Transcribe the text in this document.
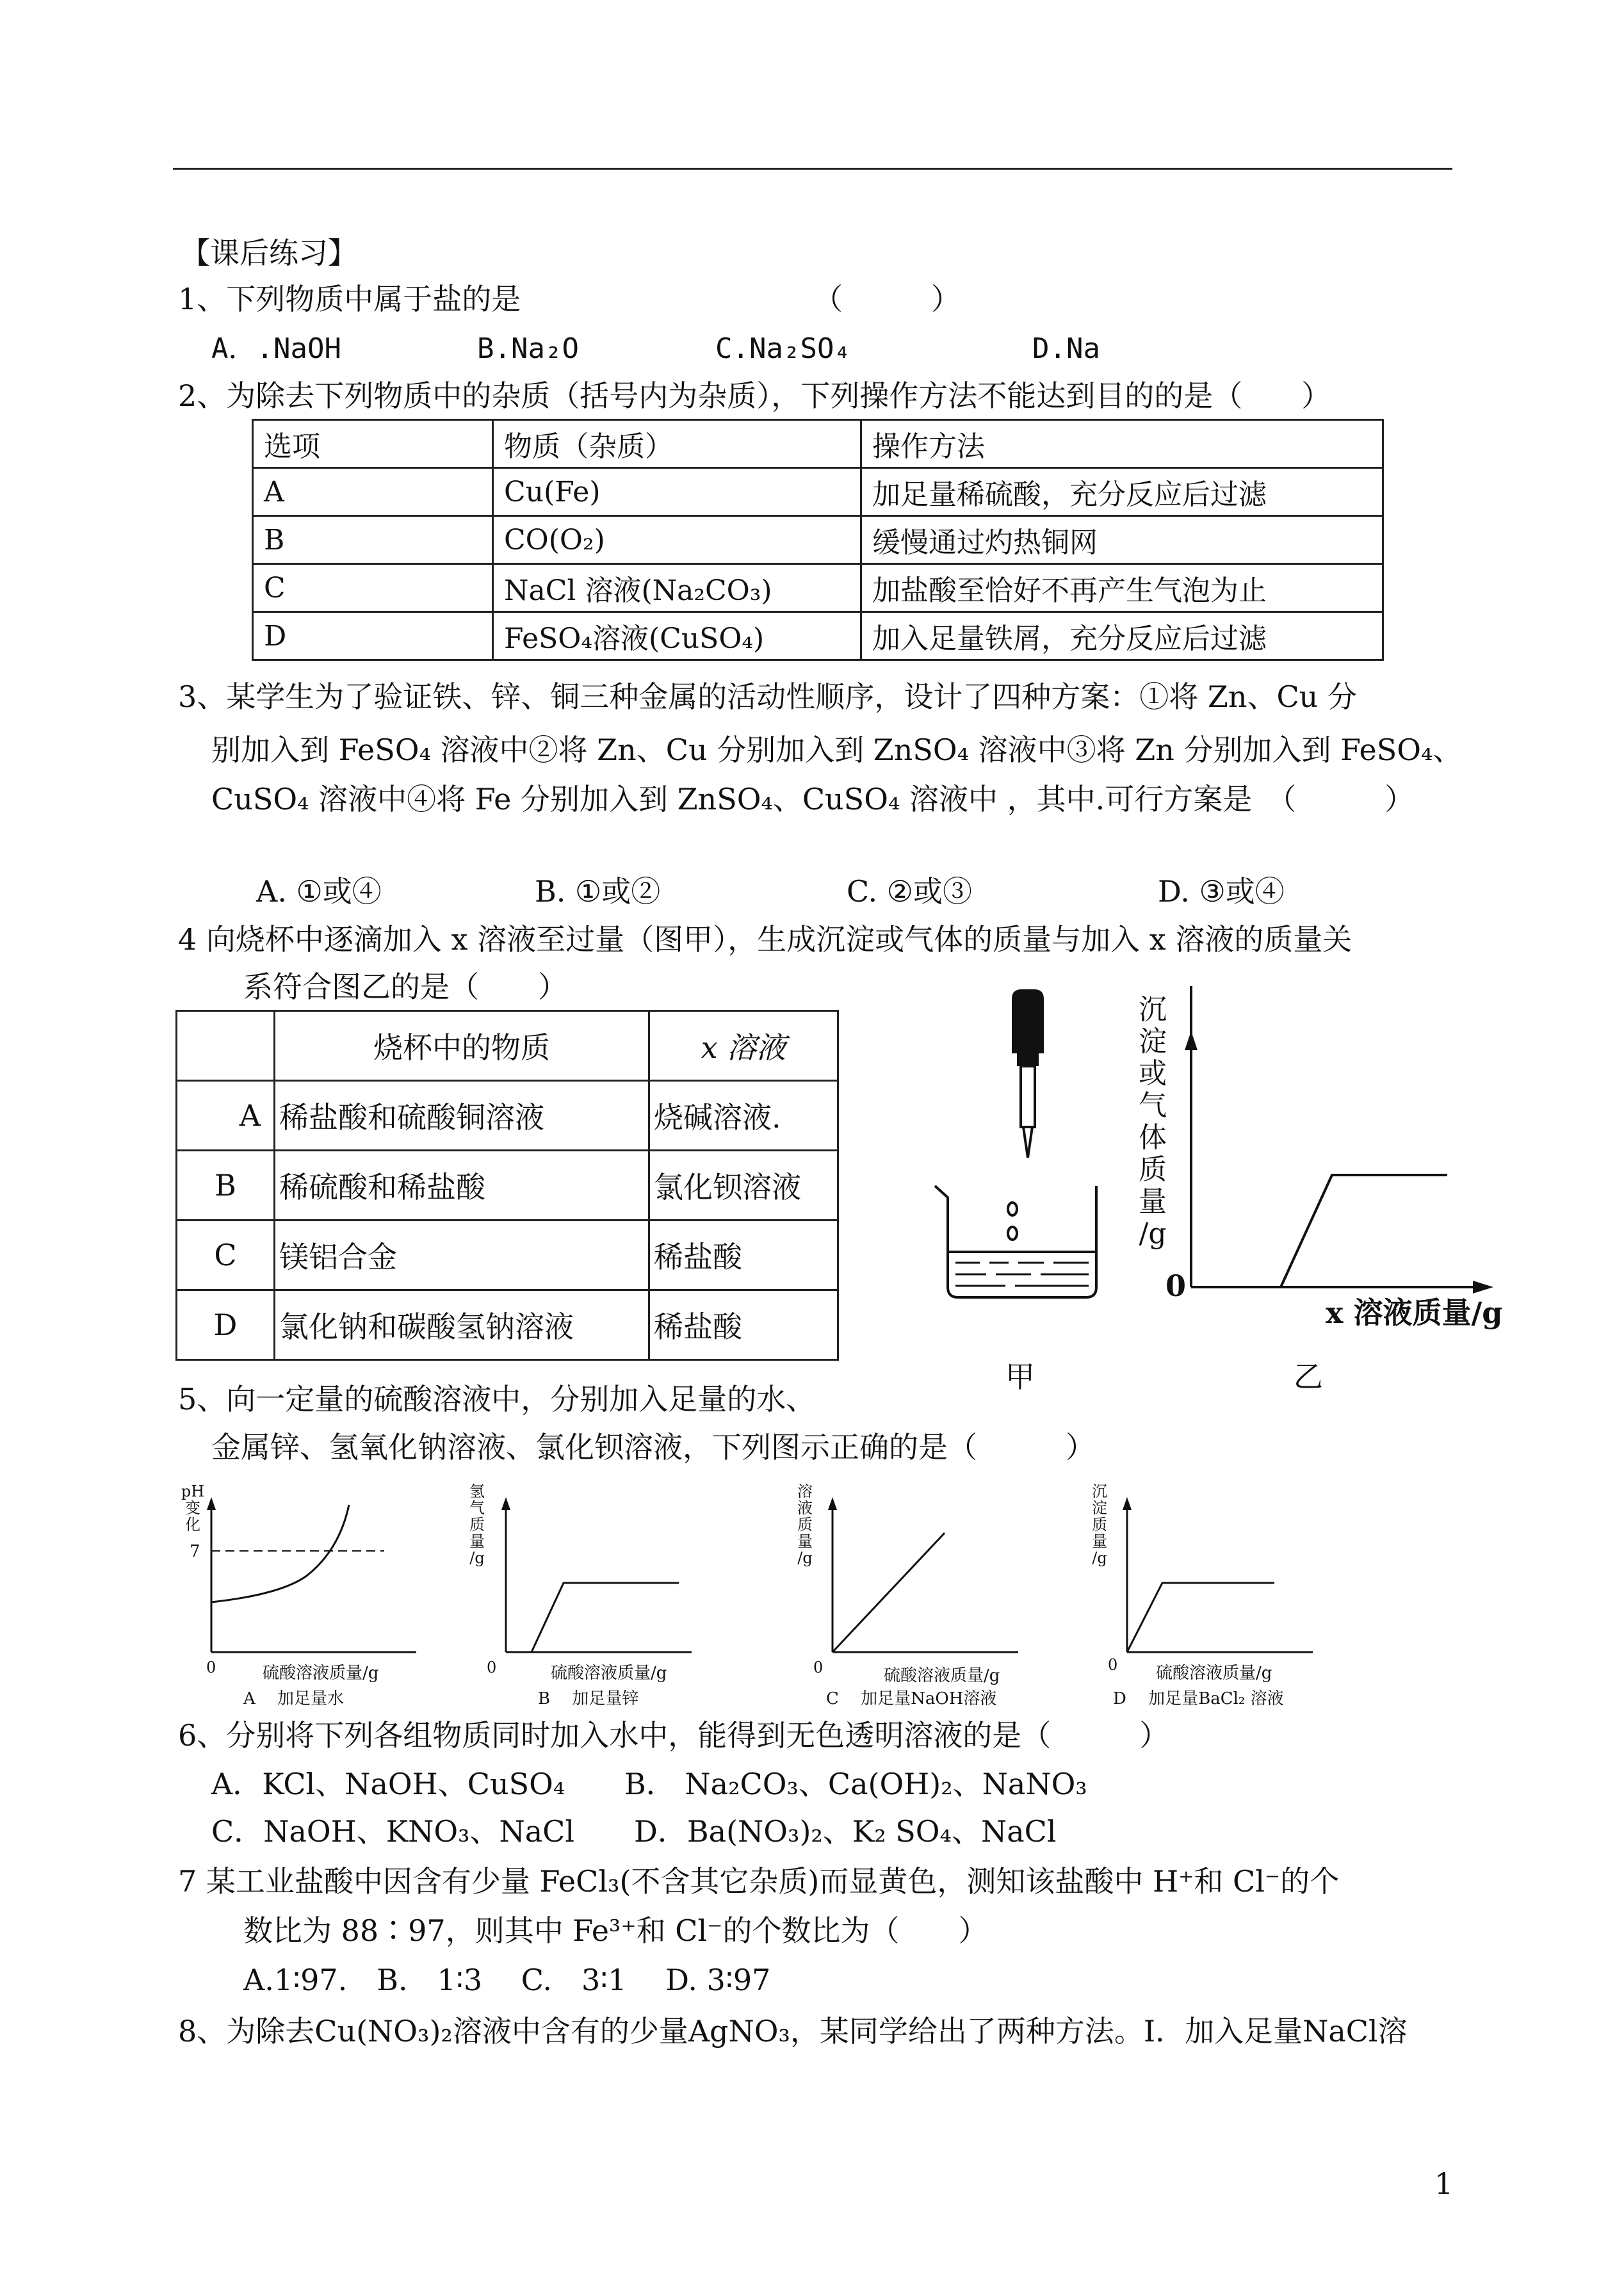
【课后练习】
1、下列物质中属于盐的是	（　　　）
A．.NaOH	B.Na₂O	C.Na₂SO₄	D.Na
2、为除去下列物质中的杂质（括号内为杂质），下列操作方法不能达到目的的是（　　）
选项	物质（杂质）	操作方法
A	Cu(Fe)	加足量稀硫酸，充分反应后过滤
B	CO(O₂)	缓慢通过灼热铜网
C	NaCl 溶液(Na₂CO₃)	加盐酸至恰好不再产生气泡为止
D	FeSO₄溶液(CuSO₄)	加入足量铁屑，充分反应后过滤
3、某学生为了验证铁、锌、铜三种金属的活动性顺序，设计了四种方案：①将 Zn、Cu 分
别加入到 FeSO₄ 溶液中②将 Zn、Cu 分别加入到 ZnSO₄ 溶液中③将 Zn 分别加入到 FeSO₄、
CuSO₄ 溶液中④将 Fe 分别加入到 ZnSO₄、CuSO₄ 溶液中 ，其中.可行方案是　（　　　）
A. ①或④	B. ①或②	C. ②或③	D. ③或④
4 向烧杯中逐滴加入 x 溶液至过量（图甲），生成沉淀或气体的质量与加入 x 溶液的质量关
系符合图乙的是（　　）
	烧杯中的物质	x 溶液
A	稀盐酸和硫酸铜溶液	烧碱溶液.
B	稀硫酸和稀盐酸	氯化钡溶液
C	镁铝合金	稀盐酸
D	氯化钠和碳酸氢钠溶液	稀盐酸
甲
沉
淀
或
气
体
质
量
/g
0
x 溶液质量/g
乙
5、向一定量的硫酸溶液中，分别加入足量的水、
金属锌、氢氧化钠溶液、氯化钡溶液，下列图示正确的是（　　　）
pH
变
化
7
0	硫酸溶液质量/g
A　 加足量水
氢
气
质
量
/g
0	硫酸溶液质量/g
B　 加足量锌
溶
液
质
量
/g
0	硫酸溶液质量/g
C　 加足量NaOH溶液
沉
淀
质
量
/g
0 硫酸溶液质量/g
D　 加足量BaCl₂ 溶液
6、分别将下列各组物质同时加入水中，能得到无色透明溶液的是（　　　）
A．KCl、NaOH、CuSO₄ B． Na₂CO₃、Ca(OH)₂、NaNO₃
C．NaOH、KNO₃、NaCl D．Ba(NO₃)₂、K₂ SO₄、NaCl
7 某工业盐酸中因含有少量 FeCl₃(不含其它杂质)而显黄色，测知该盐酸中 H⁺和 Cl⁻的个
数比为 88∶97，则其中 Fe³⁺和 Cl⁻的个数比为（　　）
A.1∶97.　B.　1∶3　 C.　3∶1　 D. 3∶97
8、为除去Cu(NO₃)₂溶液中含有的少量AgNO₃，某同学给出了两种方法。I．加入足量NaCl溶
1
